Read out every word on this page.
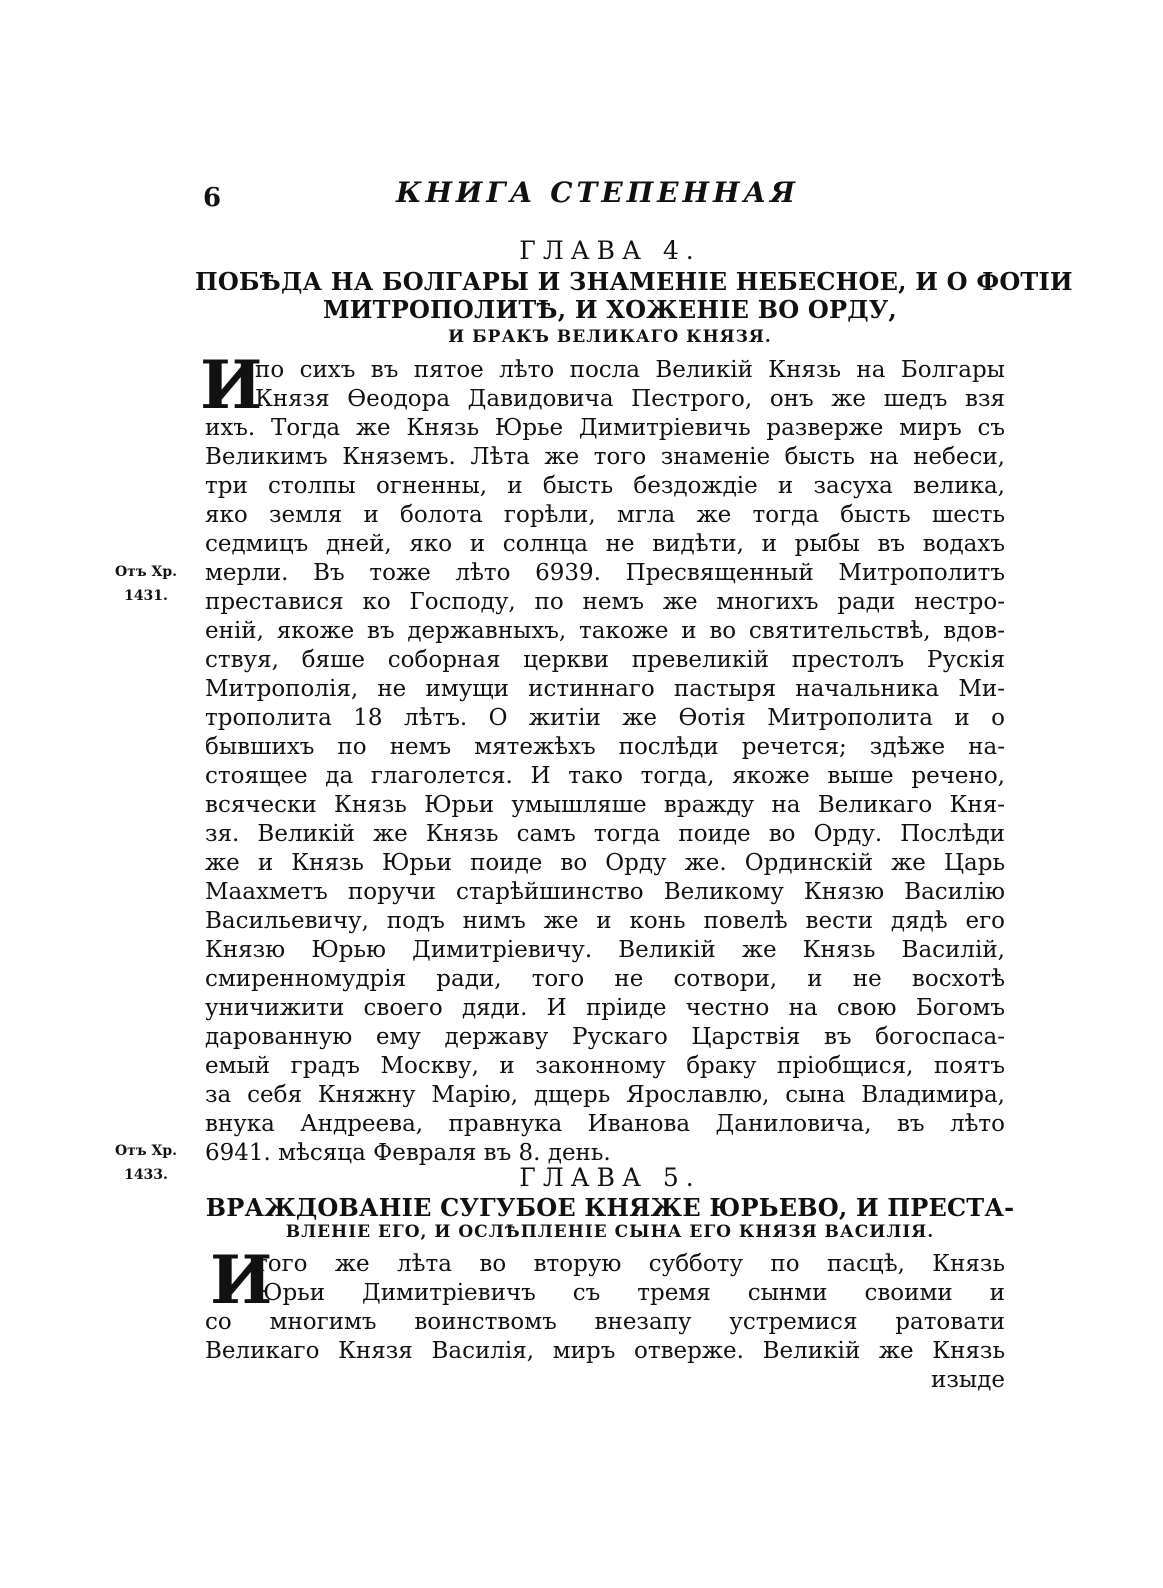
6	КНИГА СТЕПЕННАЯ
ГЛАВА 4.
ПОБѢДА НА БОЛГАРЫ И ЗНАМЕНІЕ НЕБЕСНОЕ, И О ФОТІИ
МИТРОПОЛИТѢ, И ХОЖЕНІЕ ВО ОРДУ,
И БРАКЪ ВЕЛИКАГО КНЯЗЯ.
И
по сихъ въ пятое лѣто посла Великій Князь на Болгары
Князя Ѳеодора Давидовича Пестрого, онъ же шедъ взя
ихъ. Тогда же Князь Юрье Димитріевичь развержe миръ съ
Великимъ Княземъ. Лѣта же того знаменіе бысть на небеси,
три столпы огненны, и бысть бездождіе и засуха велика,
яко земля и болота горѣли, мгла же тогда бысть шесть
седмицъ дней, яко и солнца не видѣти, и рыбы въ водахъ
мерли. Въ тоже лѣто 6939. Пресвященный Митрополитъ
преставися ко Господу, по немъ же многихъ ради нестро-
еній, якоже въ державныхъ, такоже и во святительствѣ, вдов-
ствуя, бяше соборная церкви превеликій престолъ Рускія
Митрополія, не имущи истиннаго пастыря начальника Ми-
трополита 18 лѣтъ. О житіи же Ѳотія Митрополита и о
бывшихъ по немъ мятежѣхъ послѣди речется; здѣже на-
стоящее да глаголется. И тако тогда, якоже выше речено,
всячески Князь Юрьи умышляше вражду на Великаго Кня-
зя. Великій же Князь самъ тогда поиде во Орду. Послѣди
же и Князь Юрьи поиде во Орду же. Ординскій же Царь
Маахметъ поручи старѣйшинство Великому Князю Василію
Васильевичу, подъ нимъ же и конь повелѣ вести дядѣ его
Князю Юрью Димитріевичу. Великій же Князь Василій,
смиренномудрія ради, того не сотвори, и не восхотѣ
уничижити своего дяди. И пріиде честно на свою Богомъ
дарованную ему державу Рускаго Царствія въ богоспаса-
емый градъ Москву, и законному браку пріобщися, поятъ
за себя Княжну Марію, дщерь Ярославлю, сына Владимира,
внука Андреева, правнука Иванова Даниловича, въ лѣто
6941. мѣсяца Февраля въ 8. день.
Отъ Хр.
1431.
Отъ Хр.
1433.	ГЛАВА 5.
ВРАЖДОВАНІЕ СУГУБОЕ КНЯЖЕ ЮРЬЕВО, И ПРЕСТА-
ВЛЕНІЕ ЕГО, И ОСЛѢПЛЕНІЕ СЫНА ЕГО КНЯЗЯ ВАСИЛІЯ.
И
того же лѣта во вторую субботу по пасцѣ, Князь
Юрьи Димитріевичъ съ тремя сынми своими и
со многимъ воинствомъ внезапу устремися ратовати
Великаго Князя Василія, миръ отверже. Великій же Князь
изыде
